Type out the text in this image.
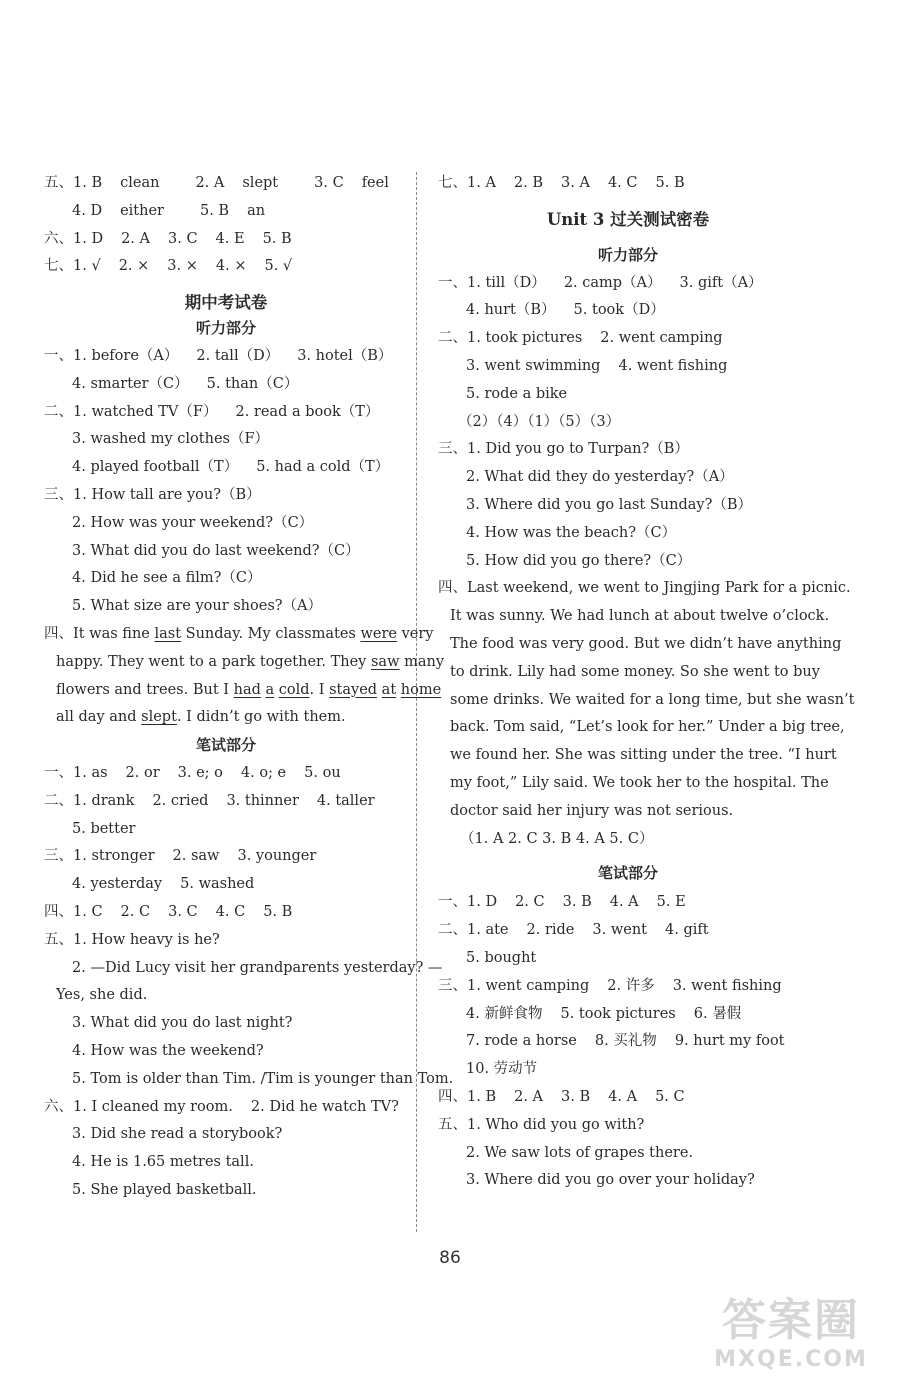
五、1. B clean 2. A slept 3. C feel
4. D either 5. B an
六、1. D 2. A 3. C 4. E 5. B
七、1. √ 2. × 3. × 4. × 5. √
期中考试卷
听力部分
一、1. before（A） 2. tall（D） 3. hotel（B）
4. smarter（C） 5. than（C）
二、1. watched TV（F） 2. read a book（T）
3. washed my clothes（F）
4. played football（T） 5. had a cold（T）
三、1. How tall are you?（B）
2. How was your weekend?（C）
3. What did you do last weekend?（C）
4. Did he see a film?（C）
5. What size are your shoes?（A）
四、It was fine last Sunday. My classmates were very
happy. They went to a park together. They saw many
flowers and trees. But I had a cold. I stayed at home
all day and slept. I didn’t go with them.
笔试部分
一、1. as 2. or 3. e; o 4. o; e 5. ou
二、1. drank 2. cried 3. thinner 4. taller
5. better
三、1. stronger 2. saw 3. younger
4. yesterday 5. washed
四、1. C 2. C 3. C 4. C 5. B
五、1. How heavy is he?
2. —Did Lucy visit her grandparents yesterday? —
Yes, she did.
3. What did you do last night?
4. How was the weekend?
5. Tom is older than Tim. /Tim is younger than Tom.
六、1. I cleaned my room. 2. Did he watch TV?
3. Did she read a storybook?
4. He is 1.65 metres tall.
5. She played basketball.
七、1. A 2. B 3. A 4. C 5. B
Unit 3 过关测试密卷
听力部分
一、1. till（D） 2. camp（A） 3. gift（A）
4. hurt（B） 5. took（D）
二、1. took pictures 2. went camping
3. went swimming 4. went fishing
5. rode a bike
（2）（4）（1）（5）（3）
三、1. Did you go to Turpan?（B）
2. What did they do yesterday?（A）
3. Where did you go last Sunday?（B）
4. How was the beach?（C）
5. How did you go there?（C）
四、Last weekend, we went to Jingjing Park for a picnic.
It was sunny. We had lunch at about twelve o’clock.
The food was very good. But we didn’t have anything
to drink. Lily had some money. So she went to buy
some drinks. We waited for a long time, but she wasn’t
back. Tom said, “Let’s look for her.” Under a big tree,
we found her. She was sitting under the tree. “I hurt
my foot,” Lily said. We took her to the hospital. The
doctor said her injury was not serious.
（1. A 2. C 3. B 4. A 5. C）
笔试部分
一、1. D 2. C 3. B 4. A 5. E
二、1. ate 2. ride 3. went 4. gift
5. bought
三、1. went camping 2. 许多 3. went fishing
4. 新鲜食物 5. took pictures 6. 暑假
7. rode a horse 8. 买礼物 9. hurt my foot
10. 劳动节
四、1. B 2. A 3. B 4. A 5. C
五、1. Who did you go with?
2. We saw lots of grapes there.
3. Where did you go over your holiday?
86
答案圈
MXQE.COM
